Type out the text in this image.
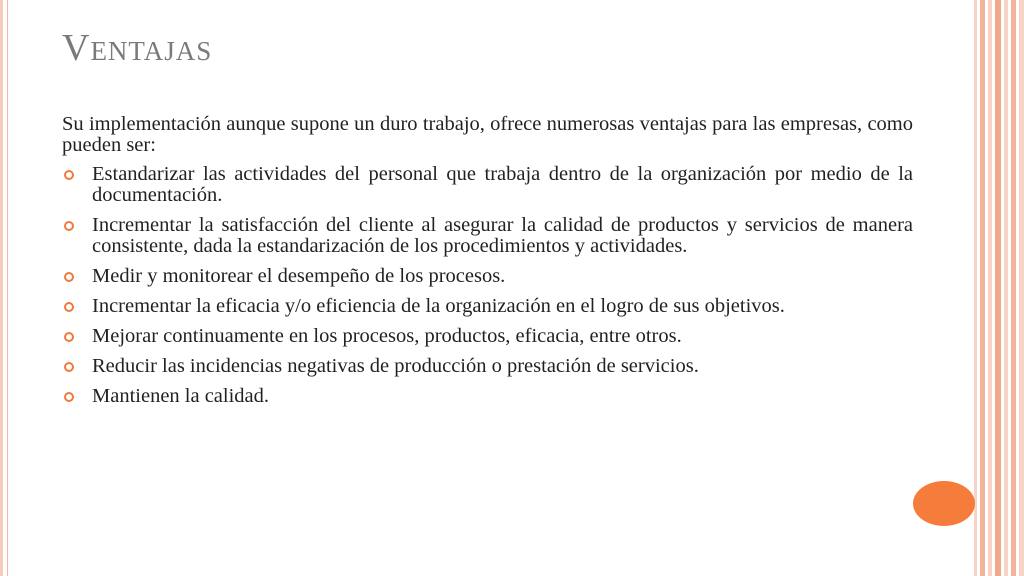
Ventajas

Su implementación aunque supone un duro trabajo, ofrece numerosas ventajas para las empresas, como pueden ser:

Estandarizar las actividades del personal que trabaja dentro de la organización por medio de la documentación.
Incrementar la satisfacción del cliente al asegurar la calidad de productos y servicios de manera consistente, dada la estandarización de los procedimientos y actividades.
Medir y monitorear el desempeño de los procesos.
Incrementar la eficacia y/o eficiencia de la organización en el logro de sus objetivos.
Mejorar continuamente en los procesos, productos, eficacia, entre otros.
Reducir las incidencias negativas de producción o prestación de servicios.
Mantienen la calidad.
